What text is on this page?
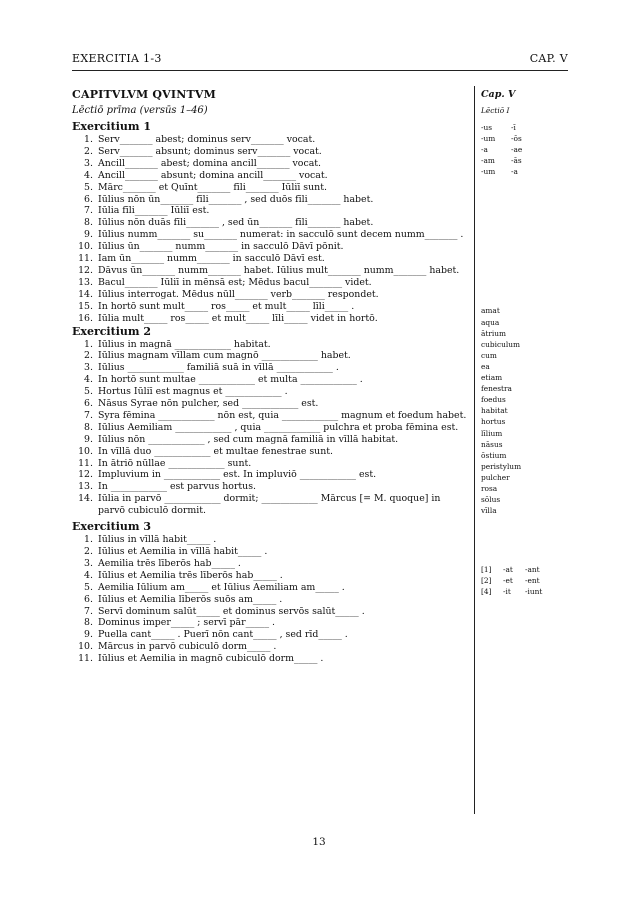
EXERCITIA 1-3	CAP. V
CAPITVLVM QVINTVM
Lēctiō prīma (versūs 1–46)
Exercitium 1
1. Serv_______ abest; dominus serv_______ vocat.
2. Serv_______ absunt; dominus serv_______ vocat.
3. Ancill_______ abest; domina ancill_______ vocat.
4. Ancill_______ absunt; domina ancill_______ vocat.
5. Mārc_______ et Quīnt_______ fīli_______ Iūliī sunt.
6. Iūlius nōn ūn_______ fīli_______ , sed duōs fīli_______ habet.
7. Iūlia fīli_______ Iūliī est.
8. Iūlius nōn duās fīli_______ , sed ūn_______ fīli_______ habet.
9. Iūlius numm_______ su_______ numerat: in sacculō sunt decem numm_______ .
10. Iūlius ūn_______ numm_______ in sacculō Dāvī pōnit.
11. Iam ūn_______ numm_______ in sacculō Dāvī est.
12. Dāvus ūn_______ numm_______ habet. Iūlius mult_______ numm_______ habet.
13. Bacul_______ Iūliī in mēnsā est; Mēdus bacul_______ videt.
14. Iūlius interrogat. Mēdus nūll_______ verb_______ respondet.
15. In hortō sunt mult_____ ros_____ et mult_____ līli_____ .
16. Iūlia mult_____ ros_____ et mult_____ līli_____ videt in hortō.
Exercitium 2
1. Iūlius in magnā ____________ habitat.
2. Iūlius magnam vīllam cum magnō ____________ habet.
3. Iūlius ____________ familiā suā in vīllā ____________ .
4. In hortō sunt multae ____________ et multa ____________ .
5. Hortus Iūliī est magnus et ____________ .
6. Nāsus Syrae nōn pulcher, sed ____________ est.
7. Syra fēmina ____________ nōn est, quia ____________ magnum et foedum habet.
8. Iūlius Aemiliam ____________ , quia ____________ pulchra et proba fēmina est.
9. Iūlius nōn ____________ , sed cum magnā familiā in vīllā habitat.
10. In vīllā duo ____________ et multae fenestrae sunt.
11. In ātriō nūllae ____________ sunt.
12. Impluvium in ____________ est. In impluviō ____________ est.
13. In ____________ est parvus hortus.
14. Iūlia in parvō ____________ dormit; ____________ Mārcus [= M. quoque] in
parvō cubiculō dormit.
Exercitium 3
1. Iūlius in vīllā habit_____ .
2. Iūlius et Aemilia in vīllā habit_____ .
3. Aemilia trēs līberōs hab_____ .
4. Iūlius et Aemilia trēs līberōs hab_____ .
5. Aemilia Iūlium am_____ et Iūlius Aemiliam am_____ .
6. Iūlius et Aemilia līberōs suōs am_____ .
7. Servī dominum salūt_____ et dominus servōs salūt_____ .
8. Dominus imper_____ ; servī pār_____ .
9. Puella cant_____ . Puerī nōn cant_____ , sed rīd_____ .
10. Mārcus in parvō cubiculō dorm_____ .
11. Iūlius et Aemilia in magnō cubiculō dorm_____ .
Cap. V
Lēctiō I
-us	-ī
-um	-ōs
-a	-ae
-am	-ās
-um	-a
amat
aqua
ātrium
cubiculum
cum
ea
etiam
fenestra
foedus
habitat
hortus
līlium
nāsus
ōstium
peristylum
pulcher
rosa
sōlus
vīlla
[1]	-at	-ant
[2]	-et	-ent
[4]	-it	-iunt
13
